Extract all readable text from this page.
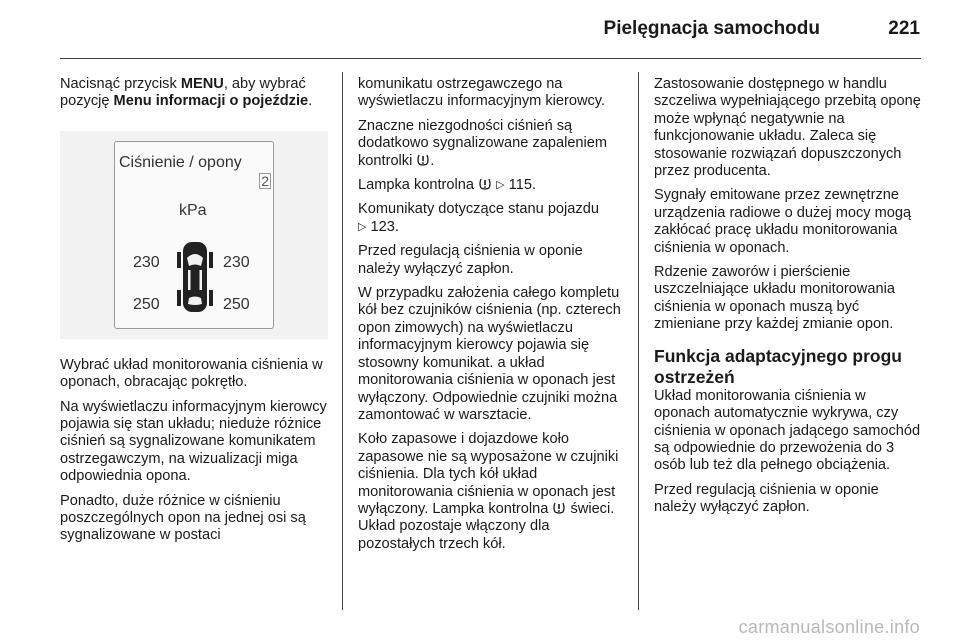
Pielęgnacja samochodu	221

Nacisnąć przycisk MENU, aby wybrać pozycję Menu informacji o pojeździe.

Ciśnienie / opony
2
kPa
230	230
250	250

Wybrać układ monitorowania ciśnienia w oponach, obracając pokrętło.

Na wyświetlaczu informacyjnym kierowcy pojawia się stan układu; nieduże różnice ciśnień są sygnalizowane komunikatem ostrzegawczym, na wizualizacji miga odpowiednia opona.

Ponadto, duże różnice w ciśnieniu poszczególnych opon na jednej osi są sygnalizowane w postaci

komunikatu ostrzegawczego na wyświetlaczu informacyjnym kierowcy.

Znaczne niezgodności ciśnień są dodatkowo sygnalizowane zapaleniem kontrolki .

Lampka kontrolna ▷ 115.

Komunikaty dotyczące stanu pojazdu
▷ 123.

Przed regulacją ciśnienia w oponie należy wyłączyć zapłon.

W przypadku założenia całego kompletu kół bez czujników ciśnienia (np. czterech opon zimowych) na wyświetlaczu informacyjnym kierowcy pojawia się stosowny komunikat. a układ monitorowania ciśnienia w oponach jest wyłączony. Odpowiednie czujniki można zamontować w warsztacie.

Koło zapasowe i dojazdowe koło zapasowe nie są wyposażone w czujniki ciśnienia. Dla tych kół układ monitorowania ciśnienia w oponach jest wyłączony. Lampka kontrolna świeci. Układ pozostaje włączony dla pozostałych trzech kół.

Zastosowanie dostępnego w handlu szczeliwa wypełniającego przebitą oponę może wpłynąć negatywnie na funkcjonowanie układu. Zaleca się stosowanie rozwiązań dopuszczonych przez producenta.

Sygnały emitowane przez zewnętrzne urządzenia radiowe o dużej mocy mogą zakłócać pracę układu monitorowania ciśnienia w oponach.

Rdzenie zaworów i pierścienie uszczelniające układu monitorowania ciśnienia w oponach muszą być zmieniane przy każdej zmianie opon.

Funkcja adaptacyjnego progu ostrzeżeń

Układ monitorowania ciśnienia w oponach automatycznie wykrywa, czy ciśnienia w oponach jadącego samochód są odpowiednie do przewożenia do 3 osób lub też dla pełnego obciążenia.

Przed regulacją ciśnienia w oponie należy wyłączyć zapłon.

carmanualsonline.info
